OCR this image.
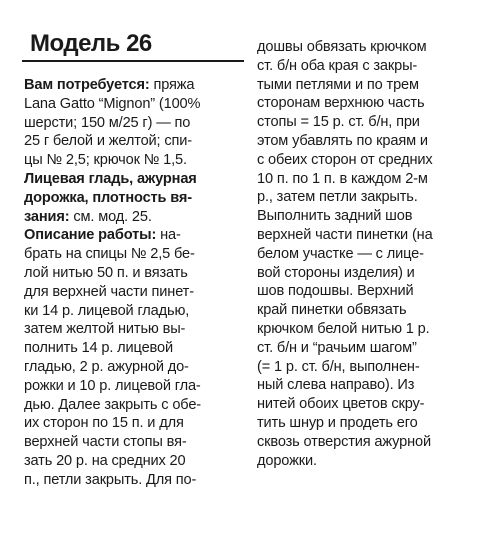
Модель 26
Вам потребуется: пряжа
Lana Gatto “Mignon” (100%
шерсти; 150 м/25 г) — по
25 г белой и желтой; спи-
цы № 2,5; крючок № 1,5.
Лицевая гладь, ажурная
дорожка, плотность вя-
зания: см. мод. 25.
Описание работы: на-
брать на спицы № 2,5 бе-
лой нитью 50 п. и вязать
для верхней части пинет-
ки 14 р. лицевой гладью,
затем желтой нитью вы-
полнить 14 р. лицевой
гладью, 2 р. ажурной до-
рожки и 10 р. лицевой гла-
дью. Далее закрыть с обе-
их сторон по 15 п. и для
верхней части стопы вя-
зать 20 р. на средних 20
п., петли закрыть. Для по-
дошвы обвязать крючком
ст. б/н оба края с закры-
тыми петлями и по трем
сторонам верхнюю часть
стопы = 15 р. ст. б/н, при
этом убавлять по краям и
с обеих сторон от средних
10 п. по 1 п. в каждом 2-м
р., затем петли закрыть.
Выполнить задний шов
верхней части пинетки (на
белом участке — с лице-
вой стороны изделия) и
шов подошвы. Верхний
край пинетки обвязать
крючком белой нитью 1 р.
ст. б/н и “рачьим шагом”
(= 1 р. ст. б/н, выполнен-
ный слева направо). Из
нитей обоих цветов скру-
тить шнур и продеть его
сквозь отверстия ажурной
дорожки.
